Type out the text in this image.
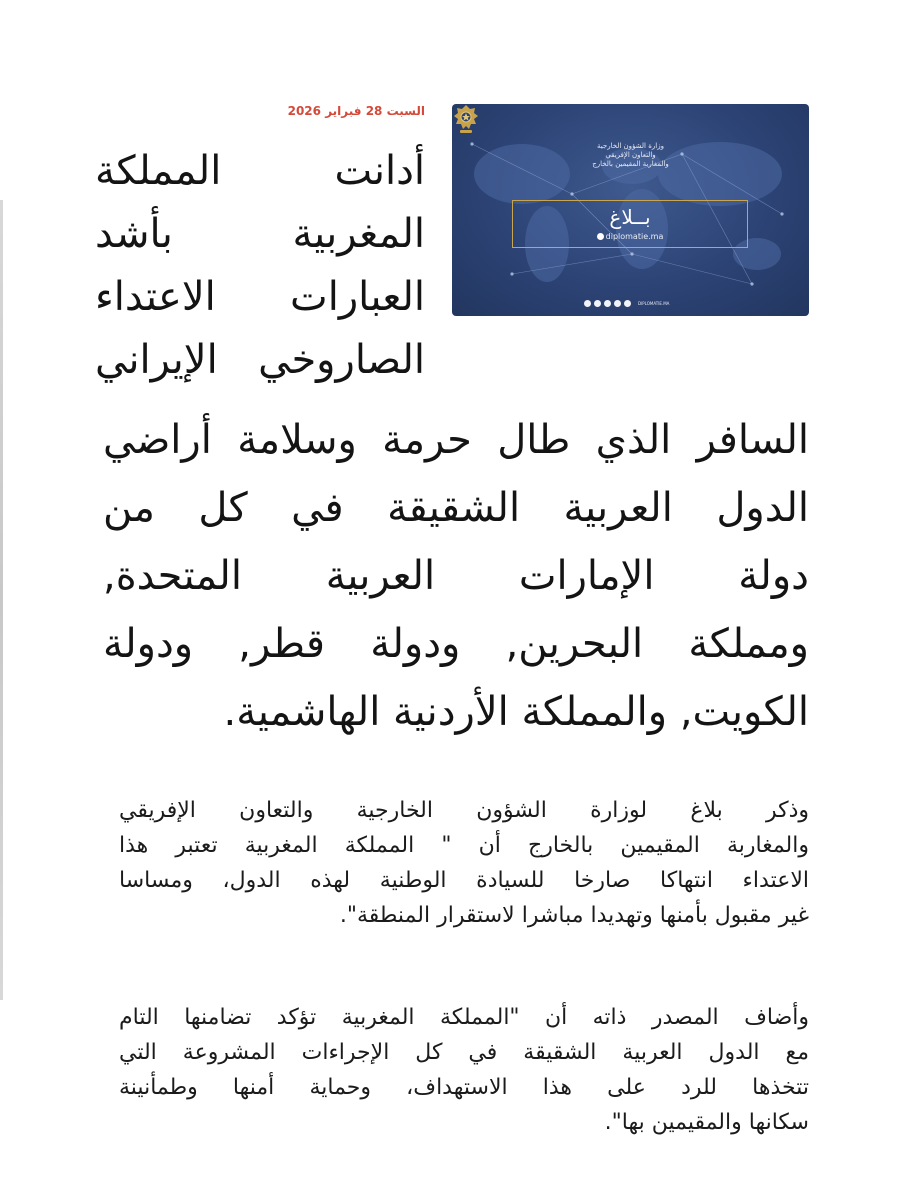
وزارة الشؤون الخارجية
والتعاون الإفريقي
والمغاربة المقيمين بالخارج
بــلاغ
diplomatie.ma
DIPLOMATIE.MA
السبت 28 فبراير 2026
أدانت المملكة
المغربية بأشد
العبارات الاعتداء
الصاروخي الإيراني
السافر الذي طال حرمة وسلامة أراضي
الدول العربية الشقيقة في كل من
دولة الإمارات العربية المتحدة,
ومملكة البحرين, ودولة قطر, ودولة
الكويت, والمملكة الأردنية الهاشمية.

وذكر بلاغ لوزارة الشؤون الخارجية والتعاون الإفريقي
والمغاربة المقيمين بالخارج أن " المملكة المغربية تعتبر هذا
الاعتداء انتهاكا صارخا للسيادة الوطنية لهذه الدول، ومساسا
غير مقبول بأمنها وتهديدا مباشرا لاستقرار المنطقة".

وأضاف المصدر ذاته أن "المملكة المغربية تؤكد تضامنها التام
مع الدول العربية الشقيقة في كل الإجراءات المشروعة التي
تتخذها للرد على هذا الاستهداف، وحماية أمنها وطمأنينة
سكانها والمقيمين بها".
